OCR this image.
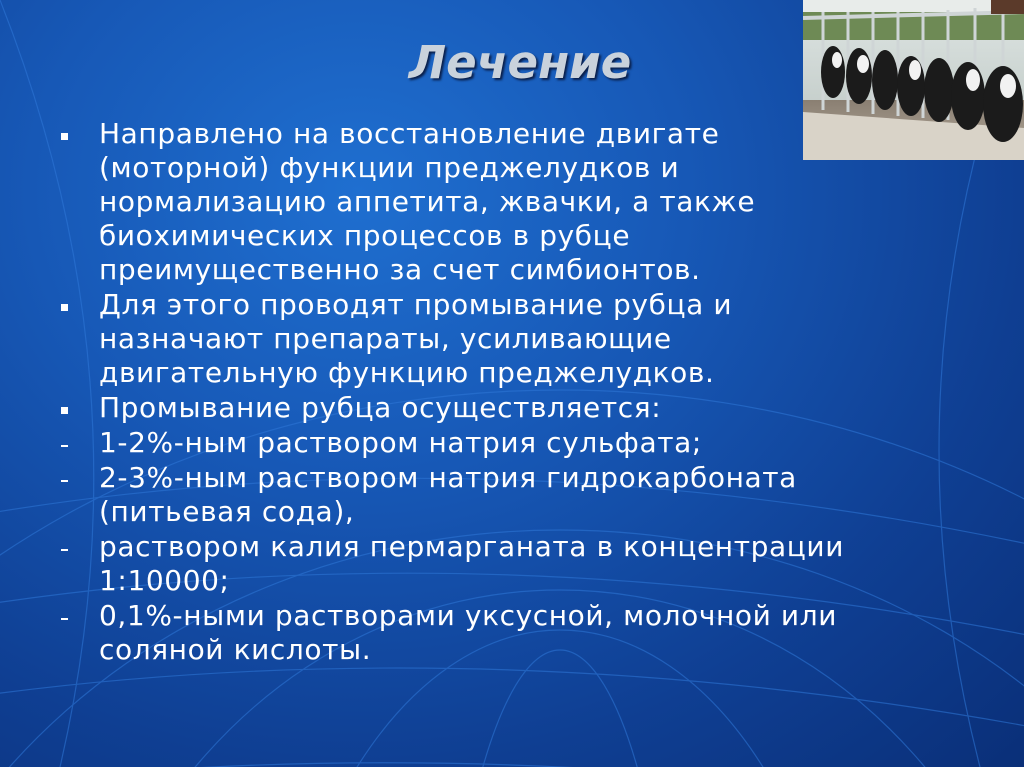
Лечение
Направлено на восстановление двигате
(моторной) функции преджелудков и
нормализацию аппетита, жвачки, а также
биохимических процессов в рубце
преимущественно за счет симбионтов.
Для этого проводят промывание рубца и
назначают препараты, усиливающие
двигательную функцию преджелудков.
Промывание рубца осуществляется:
1-2%-ным раствором натрия сульфата;
2-3%-ным раствором натрия гидрокарбоната
(питьевая сода),
раствором калия пермарганата в концентрации
1:10000;
0,1%-ными растворами уксусной, молочной или
соляной кислоты.
